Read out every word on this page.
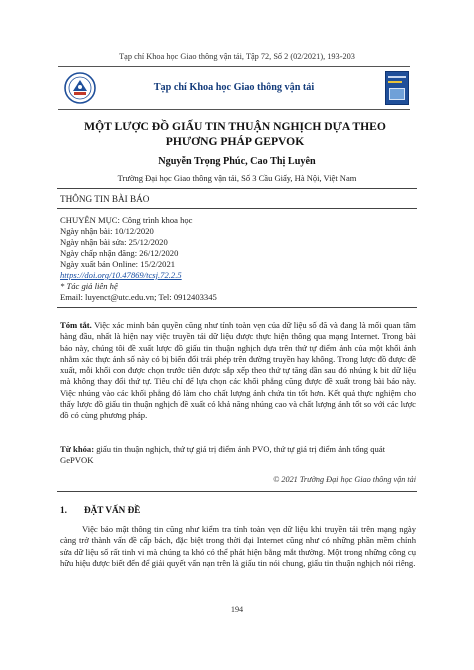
Tạp chí Khoa học Giao thông vận tải, Tập 72, Số 2 (02/2021), 193-203
Tạp chí Khoa học Giao thông vận tải
MỘT LƯỢC ĐỒ GIẤU TIN THUẬN NGHỊCH DỰA THEO PHƯƠNG PHÁP GEPVOK
Nguyễn Trọng Phúc, Cao Thị Luyên
Trường Đại học Giao thông vận tải, Số 3 Cầu Giấy, Hà Nội, Việt Nam
THÔNG TIN BÀI BÁO
CHUYÊN MỤC: Công trình khoa học
Ngày nhận bài: 10/12/2020
Ngày nhận bài sửa: 25/12/2020
Ngày chấp nhận đăng: 26/12/2020
Ngày xuất bản Online: 15/2/2021
https://doi.org/10.47869/tcsj.72.2.5
* Tác giả liên hệ
Email: luyenct@utc.edu.vn; Tel: 0912403345
Tóm tắt. Việc xác minh bản quyền cũng như tính toàn vẹn của dữ liệu số đã và đang là mối quan tâm hàng đầu, nhất là hiện nay việc truyền tải dữ liệu được thực hiện thông qua mạng Internet. Trong bài báo này, chúng tôi đề xuất lược đồ giấu tin thuận nghịch dựa trên thứ tự điểm ảnh của một khối ảnh nhằm xác thực ảnh số này có bị biến đổi trái phép trên đường truyền hay không. Trong lược đồ được đề xuất, mỗi khối con được chọn trước tiên được sắp xếp theo thứ tự tăng dần sau đó nhúng k bit dữ liệu mà không thay đổi thứ tự. Tiêu chí để lựa chọn các khối phẳng cũng được đề xuất trong bài báo này. Việc nhúng vào các khối phẳng đó làm cho chất lượng ảnh chứa tin tốt hơn. Kết quả thực nghiệm cho thấy lược đồ giấu tin thuận nghịch đề xuất có khả năng nhúng cao và chất lượng ảnh tốt so với các lược đồ có cùng phương pháp.
Từ khóa: giấu tin thuận nghịch, thứ tự giá trị điểm ảnh PVO, thứ tự giá trị điểm ảnh tổng quát GePVOK
© 2021 Trường Đại học Giao thông vận tải
1. ĐẶT VẤN ĐỀ
Việc bảo mật thông tin cũng như kiểm tra tính toàn vẹn dữ liệu khi truyền tải trên mạng ngày càng trở thành vấn đề cấp bách, đặc biệt trong thời đại Internet cũng như có những phần mềm chỉnh sửa dữ liệu số rất tinh vi mà chúng ta khó có thể phát hiện bằng mắt thường. Một trong những công cụ hữu hiệu được biết đến để giải quyết vấn nạn trên là giấu tin nói chung, giấu tin thuận nghịch nói riêng.
194
